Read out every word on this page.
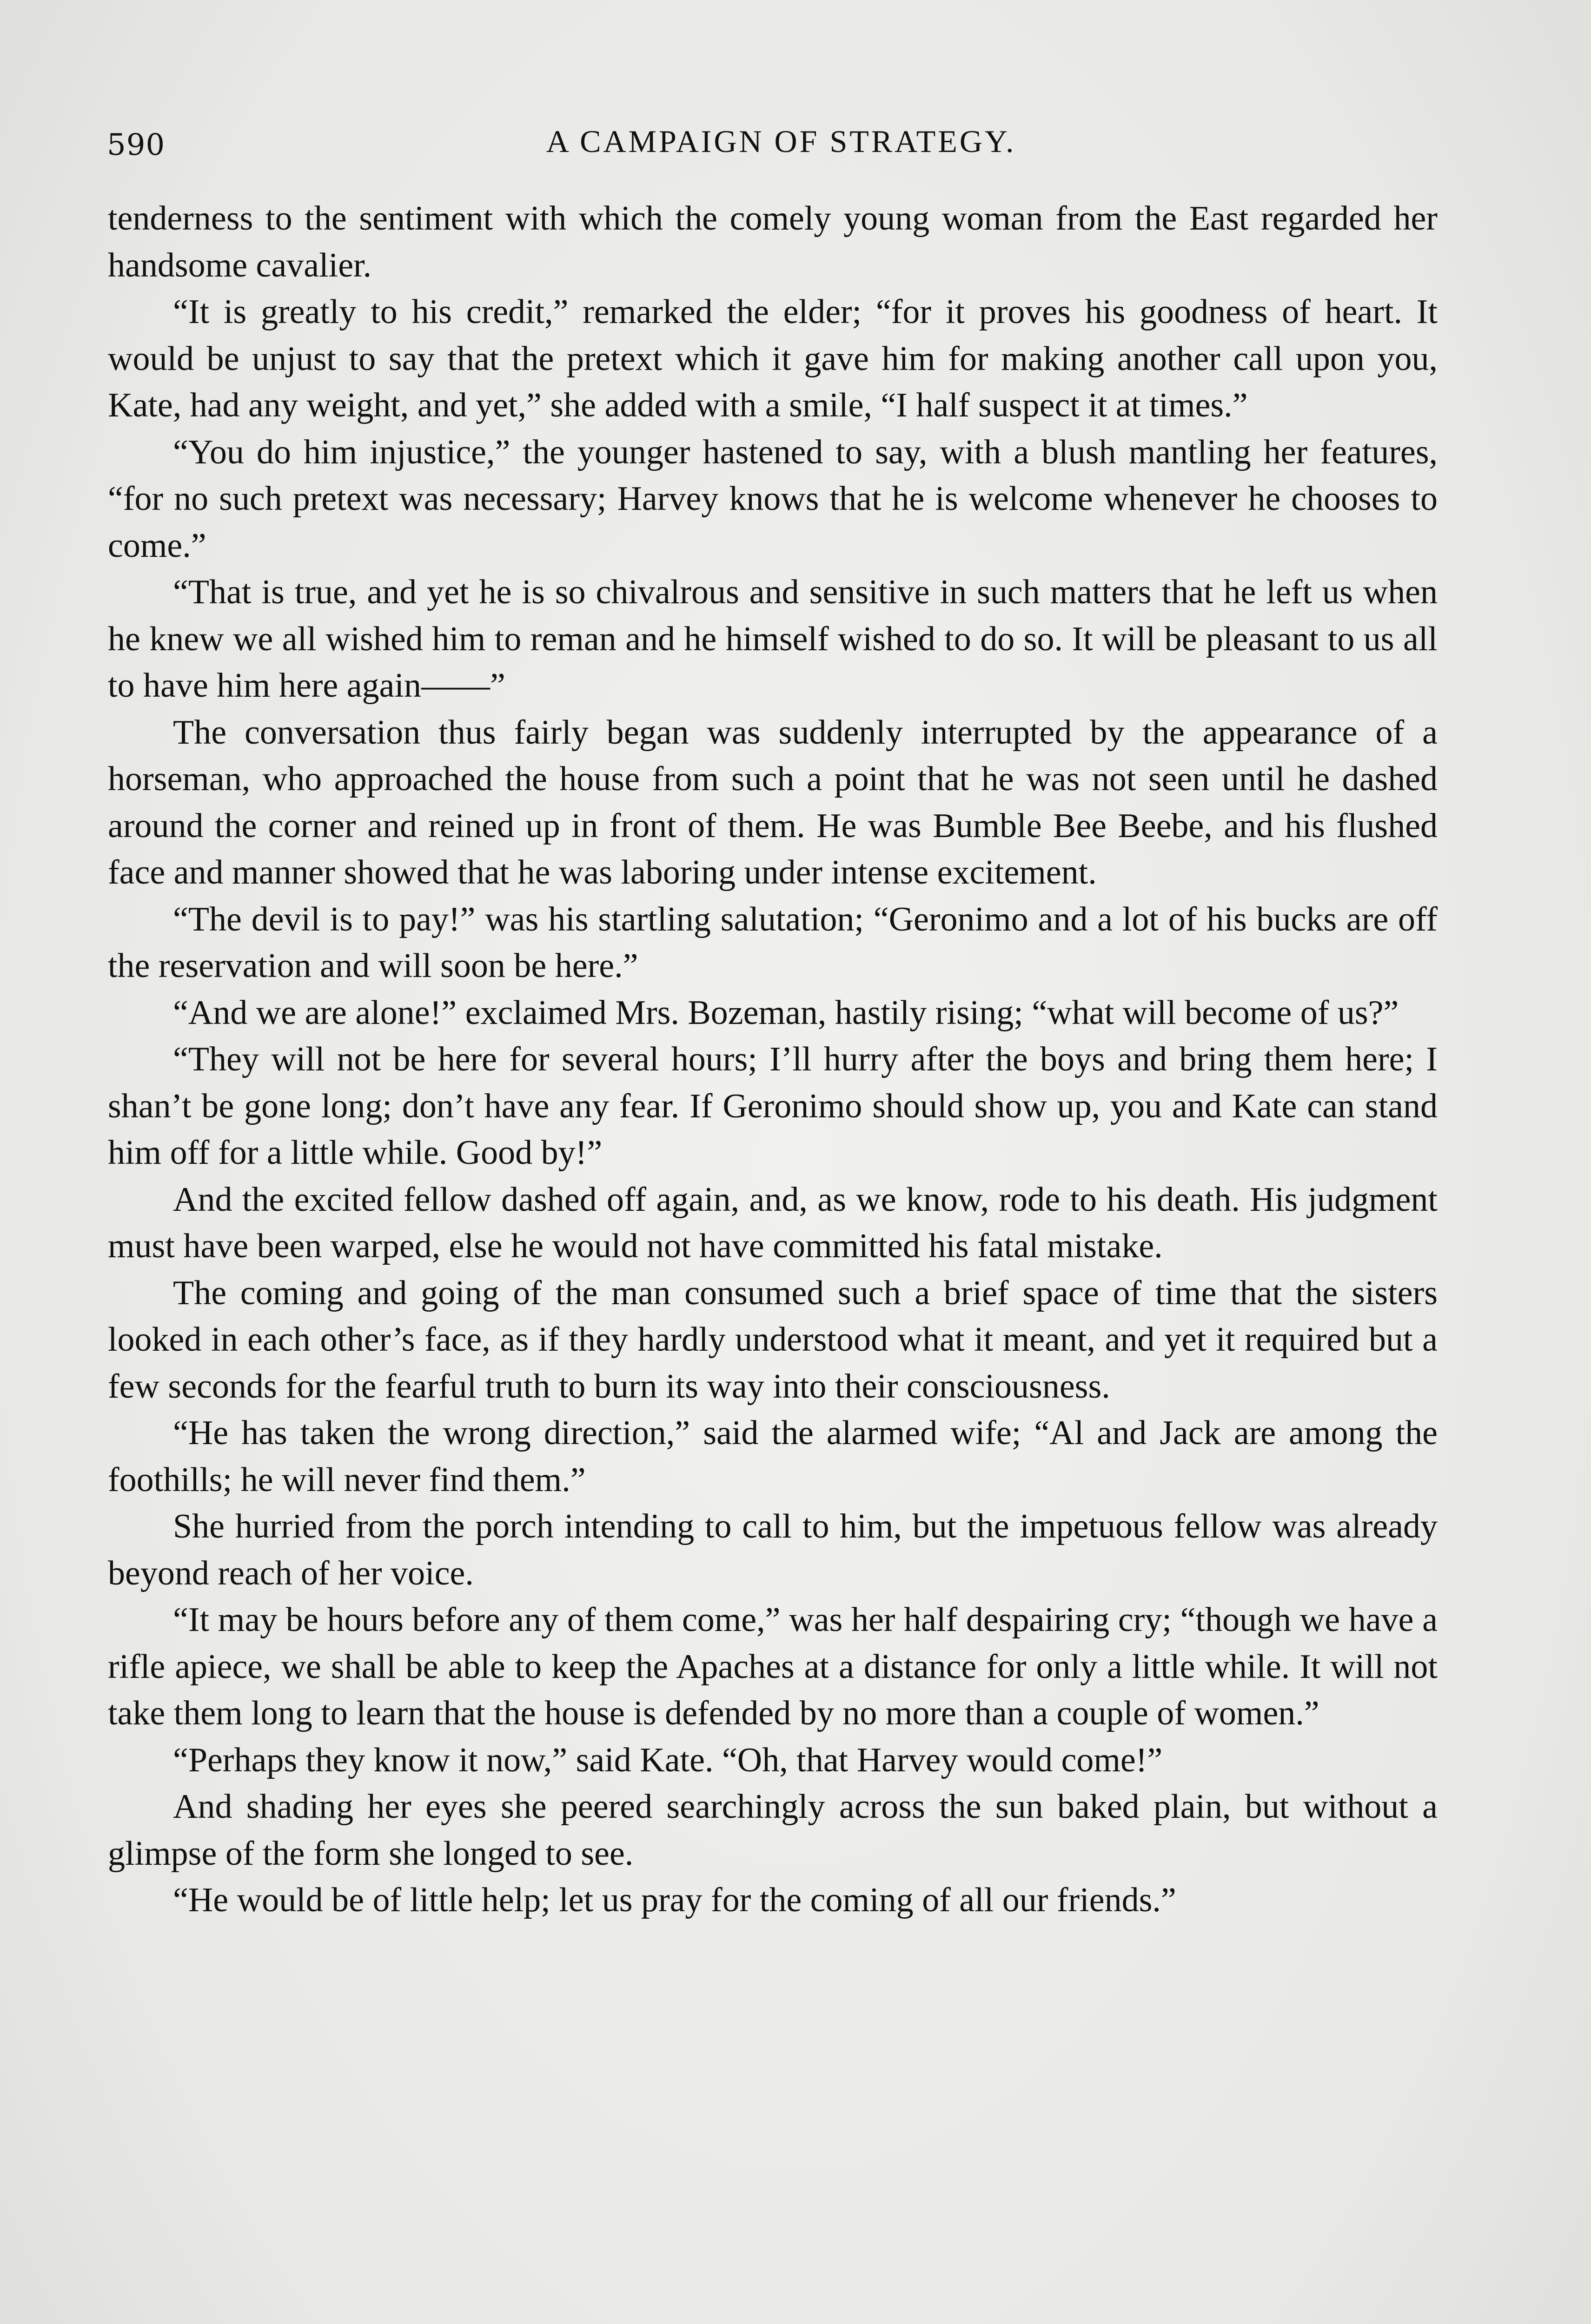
590	A CAMPAIGN OF STRATEGY.

tenderness to the sentiment with which the comely young woman from the East regarded her handsome cavalier.

“It is greatly to his credit,” remarked the elder; “for it proves his goodness of heart. It would be unjust to say that the pretext which it gave him for making another call upon you, Kate, had any weight, and yet,” she added with a smile, “I half suspect it at times.”

“You do him injustice,” the younger hastened to say, with a blush mantling her features, “for no such pretext was necessary; Harvey knows that he is welcome whenever he chooses to come.”

“That is true, and yet he is so chivalrous and sensitive in such matters that he left us when he knew we all wished him to reman and he himself wished to do so. It will be pleasant to us all to have him here again——”

The conversation thus fairly began was suddenly interrupted by the appearance of a horseman, who approached the house from such a point that he was not seen until he dashed around the corner and reined up in front of them. He was Bumble Bee Beebe, and his flushed face and manner showed that he was laboring under intense excitement.

“The devil is to pay!” was his startling salutation; “Geronimo and a lot of his bucks are off the reservation and will soon be here.”

“And we are alone!” exclaimed Mrs. Bozeman, hastily rising; “what will become of us?”

“They will not be here for several hours; I’ll hurry after the boys and bring them here; I shan’t be gone long; don’t have any fear. If Geronimo should show up, you and Kate can stand him off for a little while. Good by!”

And the excited fellow dashed off again, and, as we know, rode to his death. His judgment must have been warped, else he would not have committed his fatal mistake.

The coming and going of the man consumed such a brief space of time that the sisters looked in each other’s face, as if they hardly understood what it meant, and yet it required but a few seconds for the fearful truth to burn its way into their consciousness.

“He has taken the wrong direction,” said the alarmed wife; “Al and Jack are among the foothills; he will never find them.”

She hurried from the porch intending to call to him, but the impetuous fellow was already beyond reach of her voice.

“It may be hours before any of them come,” was her half despairing cry; “though we have a rifle apiece, we shall be able to keep the Apaches at a distance for only a little while. It will not take them long to learn that the house is defended by no more than a couple of women.”

“Perhaps they know it now,” said Kate. “Oh, that Harvey would come!”

And shading her eyes she peered searchingly across the sun baked plain, but without a glimpse of the form she longed to see.

“He would be of little help; let us pray for the coming of all our friends.”
